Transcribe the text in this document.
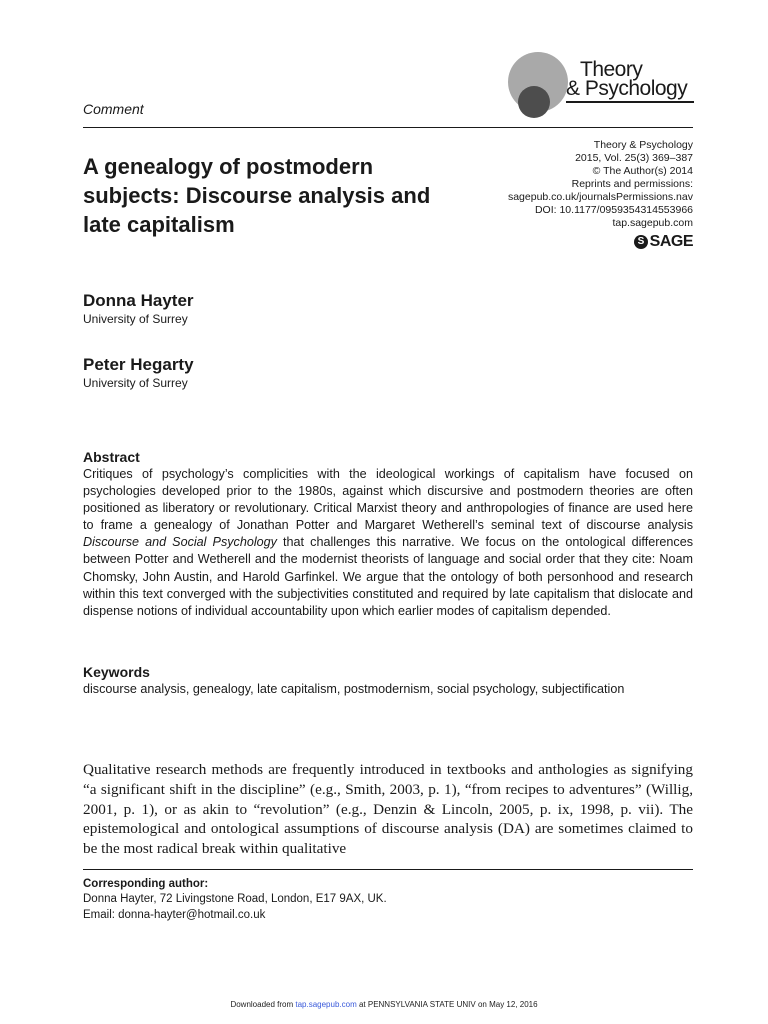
Theory
& Psychology
Comment
A genealogy of postmodern subjects: Discourse analysis and late capitalism
Theory & Psychology
2015, Vol. 25(3) 369–387
© The Author(s) 2014
Reprints and permissions:
sagepub.co.uk/journalsPermissions.nav
DOI: 10.1177/0959354314553966
tap.sagepub.com
S SAGE
Donna Hayter
University of Surrey
Peter Hegarty
University of Surrey
Abstract
Critiques of psychology’s complicities with the ideological workings of capitalism have focused on psychologies developed prior to the 1980s, against which discursive and postmodern theories are often positioned as liberatory or revolutionary. Critical Marxist theory and anthropologies of finance are used here to frame a genealogy of Jonathan Potter and Margaret Wetherell’s seminal text of discourse analysis Discourse and Social Psychology that challenges this narrative. We focus on the ontological differences between Potter and Wetherell and the modernist theorists of language and social order that they cite: Noam Chomsky, John Austin, and Harold Garfinkel. We argue that the ontology of both personhood and research within this text converged with the subjectivities constituted and required by late capitalism that dislocate and dispense notions of individual accountability upon which earlier modes of capitalism depended.
Keywords
discourse analysis, genealogy, late capitalism, postmodernism, social psychology, subjectification
Qualitative research methods are frequently introduced in textbooks and anthologies as signifying “a significant shift in the discipline” (e.g., Smith, 2003, p. 1), “from recipes to adventures” (Willig, 2001, p. 1), or as akin to “revolution” (e.g., Denzin & Lincoln, 2005, p. ix, 1998, p. vii). The epistemological and ontological assumptions of discourse analysis (DA) are sometimes claimed to be the most radical break within qualitative
Corresponding author:
Donna Hayter, 72 Livingstone Road, London, E17 9AX, UK.
Email: donna-hayter@hotmail.co.uk
Downloaded from tap.sagepub.com at PENNSYLVANIA STATE UNIV on May 12, 2016
